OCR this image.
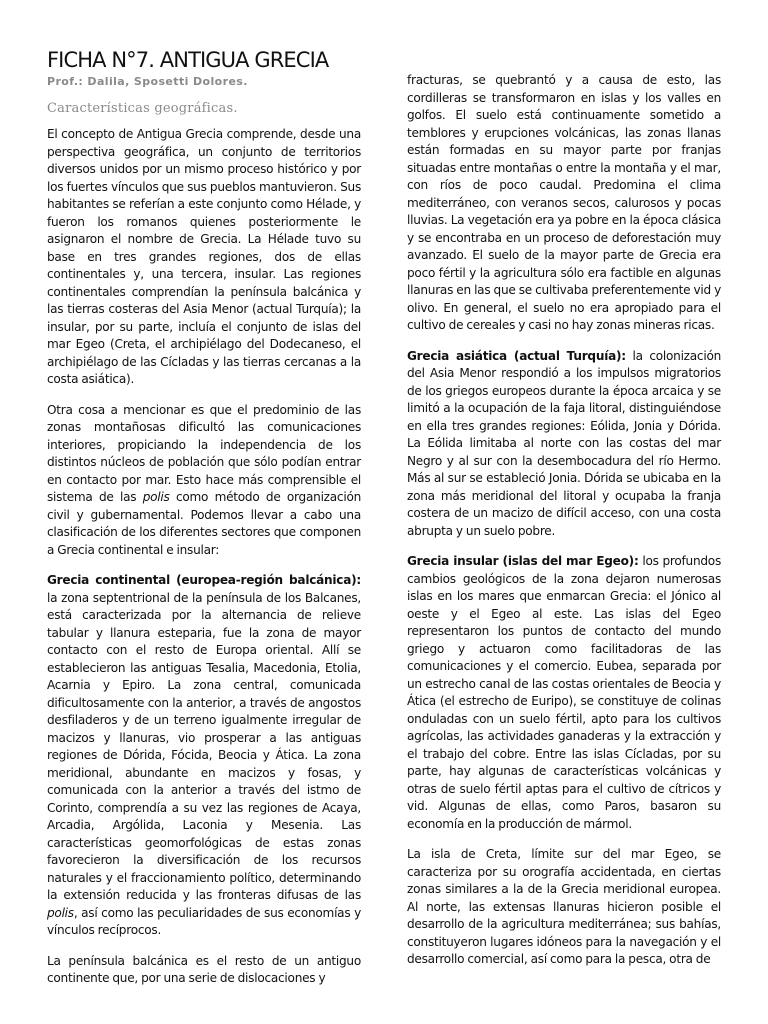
FICHA N°7. ANTIGUA GRECIA
Prof.: Dalila, Sposetti Dolores.
Características geográficas.

El concepto de Antigua Grecia comprende, desde una perspectiva geográfica, un conjunto de territorios diversos unidos por un mismo proceso histórico y por los fuertes vínculos que sus pueblos mantuvieron. Sus habitantes se referían a este conjunto como Hélade, y fueron los romanos quienes posteriormente le asignaron el nombre de Grecia. La Hélade tuvo su base en tres grandes regiones, dos de ellas continentales y, una tercera, insular. Las regiones continentales comprendían la península balcánica y las tierras costeras del Asia Menor (actual Turquía); la insular, por su parte, incluía el conjunto de islas del mar Egeo (Creta, el archipiélago del Dodecaneso, el archipiélago de las Cícladas y las tierras cercanas a la costa asiática).

Otra cosa a mencionar es que el predominio de las zonas montañosas dificultó las comunicaciones interiores, propiciando la independencia de los distintos núcleos de población que sólo podían entrar en contacto por mar. Esto hace más comprensible el sistema de las polis como método de organización civil y gubernamental. Podemos llevar a cabo una clasificación de los diferentes sectores que componen a Grecia continental e insular:

Grecia continental (europea-región balcánica): la zona septentrional de la península de los Balcanes, está caracterizada por la alternancia de relieve tabular y llanura esteparia, fue la zona de mayor contacto con el resto de Europa oriental. Allí se establecieron las antiguas Tesalia, Macedonia, Etolia, Acarnia y Epiro. La zona central, comunicada dificultosamente con la anterior, a través de angostos desfiladeros y de un terreno igualmente irregular de macizos y llanuras, vio prosperar a las antiguas regiones de Dórida, Fócida, Beocia y Ática. La zona meridional, abundante en macizos y fosas, y comunicada con la anterior a través del istmo de Corinto, comprendía a su vez las regiones de Acaya, Arcadia, Argólida, Laconia y Mesenia. Las características geomorfológicas de estas zonas favorecieron la diversificación de los recursos naturales y el fraccionamiento político, determinando la extensión reducida y las fronteras difusas de las polis, así como las peculiaridades de sus economías y vínculos recíprocos.

La península balcánica es el resto de un antiguo continente que, por una serie de dislocaciones y

fracturas, se quebrantó y a causa de esto, las cordilleras se transformaron en islas y los valles en golfos. El suelo está continuamente sometido a temblores y erupciones volcánicas, las zonas llanas están formadas en su mayor parte por franjas situadas entre montañas o entre la montaña y el mar, con ríos de poco caudal. Predomina el clima mediterráneo, con veranos secos, calurosos y pocas lluvias. La vegetación era ya pobre en la época clásica y se encontraba en un proceso de deforestación muy avanzado. El suelo de la mayor parte de Grecia era poco fértil y la agricultura sólo era factible en algunas llanuras en las que se cultivaba preferentemente vid y olivo. En general, el suelo no era apropiado para el cultivo de cereales y casi no hay zonas mineras ricas.

Grecia asiática (actual Turquía): la colonización del Asia Menor respondió a los impulsos migratorios de los griegos europeos durante la época arcaica y se limitó a la ocupación de la faja litoral, distinguiéndose en ella tres grandes regiones: Eólida, Jonia y Dórida. La Eólida limitaba al norte con las costas del mar Negro y al sur con la desembocadura del río Hermo. Más al sur se estableció Jonia. Dórida se ubicaba en la zona más meridional del litoral y ocupaba la franja costera de un macizo de difícil acceso, con una costa abrupta y un suelo pobre.

Grecia insular (islas del mar Egeo): los profundos cambios geológicos de la zona dejaron numerosas islas en los mares que enmarcan Grecia: el Jónico al oeste y el Egeo al este. Las islas del Egeo representaron los puntos de contacto del mundo griego y actuaron como facilitadoras de las comunicaciones y el comercio. Eubea, separada por un estrecho canal de las costas orientales de Beocia y Ática (el estrecho de Euripo), se constituye de colinas onduladas con un suelo fértil, apto para los cultivos agrícolas, las actividades ganaderas y la extracción y el trabajo del cobre. Entre las islas Cícladas, por su parte, hay algunas de características volcánicas y otras de suelo fértil aptas para el cultivo de cítricos y vid. Algunas de ellas, como Paros, basaron su economía en la producción de mármol.

La isla de Creta, límite sur del mar Egeo, se caracteriza por su orografía accidentada, en ciertas zonas similares a la de la Grecia meridional europea. Al norte, las extensas llanuras hicieron posible el desarrollo de la agricultura mediterránea; sus bahías, constituyeron lugares idóneos para la navegación y el desarrollo comercial, así como para la pesca, otra de
